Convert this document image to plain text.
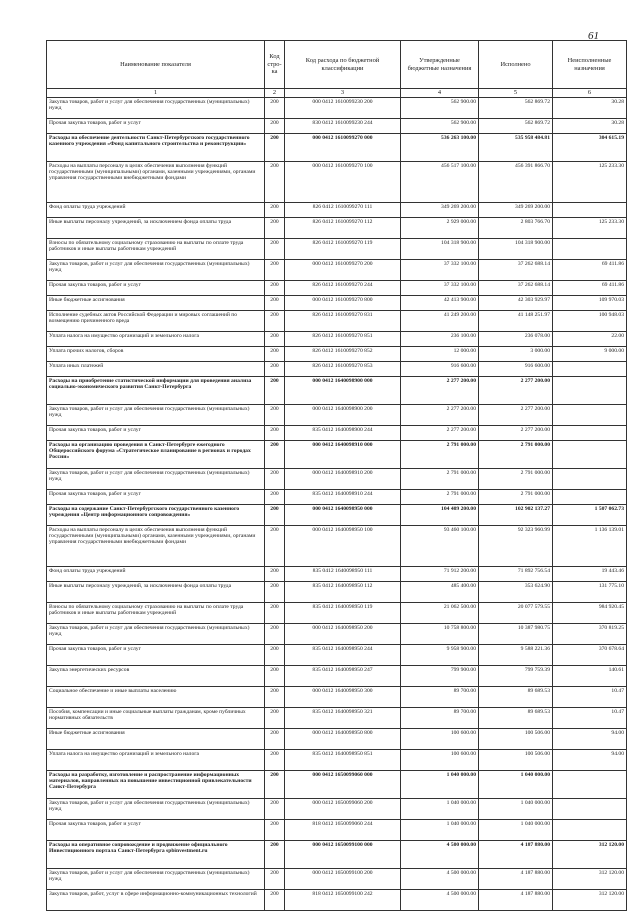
61
Наименование показателя	Код стро-ка	Код расхода по бюджетной классификации	Утвержденные бюджетные назначения	Исполнено	Неисполненные назначения
1	2	3	4	5	6
Закупка товаров, работ и услуг для обеспечения государственных (муниципальных) нужд	200	000 0412 1610099230 200	562 900.00	562 869.72	30.28
Прочая закупка товаров, работ и услуг	200	830 0412 1610099230 244	562 900.00	562 869.72	30.28
Расходы на обеспечение деятельности Санкт-Петербургского государственного казенного учреждения «Фонд капитального строительства и реконструкции»	200	000 0412 1610099270 000	536 263 100.00	535 958 484.81	304 615.19
Расходы на выплаты персоналу в целях обеспечения выполнения функций государственными (муниципальными) органами, казенными учреждениями, органами управления государственными внебюджетными фондами	200	000 0412 1610099270 100	456 517 100.00	456 391 866.70	125 233.30
Фонд оплаты труда учреждений	200	826 0412 1610099270 111	349 269 200.00	349 269 200.00	
Иные выплаты персоналу учреждений, за исключением фонда оплаты труда	200	826 0412 1610099270 112	2 929 000.00	2 803 766.70	125 233.30
Взносы по обязательному социальному страхованию на выплаты по оплате труда работников и иные выплаты работникам учреждений	200	826 0412 1610099270 119	104 318 900.00	104 318 900.00	
Закупка товаров, работ и услуг для обеспечения государственных (муниципальных) нужд	200	000 0412 1610099270 200	37 332 100.00	37 262 688.14	69 411.86
Прочая закупка товаров, работ и услуг	200	826 0412 1610099270 244	37 332 100.00	37 262 688.14	69 411.86
Иные бюджетные ассигнования	200	000 0412 1610099270 800	42 413 900.00	42 303 929.97	109 970.03
Исполнение судебных актов Российской Федерации и мировых соглашений по возмещению причиненного вреда	200	826 0412 1610099270 831	41 249 200.00	41 148 251.97	100 948.03
Уплата налога на имущество организаций и земельного налога	200	826 0412 1610099270 851	236 100.00	236 078.00	22.00
Уплата прочих налогов, сборов	200	826 0412 1610099270 852	12 000.00	3 000.00	9 000.00
Уплата иных платежей	200	826 0412 1610099270 853	916 600.00	916 600.00	
Расходы на приобретение статистической информации для проведения анализа социально-экономического развития Санкт-Петербурга	200	000 0412 1640098900 000	2 277 200.00	2 277 200.00	
Закупка товаров, работ и услуг для обеспечения государственных (муниципальных) нужд	200	000 0412 1640098900 200	2 277 200.00	2 277 200.00	
Прочая закупка товаров, работ и услуг	200	835 0412 1640098900 244	2 277 200.00	2 277 200.00	
Расходы на организацию проведения в Санкт-Петербурге ежегодного Общероссийского форума «Стратегическое планирование в регионах и городах России»	200	000 0412 1640098910 000	2 791 000.00	2 791 000.00	
Закупка товаров, работ и услуг для обеспечения государственных (муниципальных) нужд	200	000 0412 1640098910 200	2 791 000.00	2 791 000.00	
Прочая закупка товаров, работ и услуг	200	835 0412 1640098910 244	2 791 000.00	2 791 000.00	
Расходы на содержание Санкт-Петербургского государственного казенного учреждения «Центр информационного сопровождения»	200	000 0412 1640098950 000	104 409 200.00	102 902 137.27	1 507 062.73
Расходы на выплаты персоналу в целях обеспечения выполнения функций государственными (муниципальными) органами, казенными учреждениями, органами управления государственными внебюджетными фондами	200	000 0412 1640098950 100	93 460 100.00	92 323 960.99	1 136 139.01
Фонд оплаты труда учреждений	200	835 0412 1640098950 111	71 912 200.00	71 892 756.54	19 443.46
Иные выплаты персоналу учреждений, за исключением фонда оплаты труда	200	835 0412 1640098950 112	485 400.00	353 624.90	131 775.10
Взносы по обязательному социальному страхованию на выплаты по оплате труда работников и иные выплаты работникам учреждений	200	835 0412 1640098950 119	21 062 500.00	20 077 579.55	984 920.45
Закупка товаров, работ и услуг для обеспечения государственных (муниципальных) нужд	200	000 0412 1640098950 200	10 758 800.00	10 387 980.75	370 819.25
Прочая закупка товаров, работ и услуг	200	835 0412 1640098950 244	9 958 900.00	9 588 221.36	370 678.64
Закупка энергетических ресурсов	200	835 0412 1640098950 247	799 900.00	799 759.39	140.61
Социальное обеспечение и иные выплаты населению	200	000 0412 1640098950 300	89 700.00	89 689.53	10.47
Пособия, компенсации и иные социальные выплаты гражданам, кроме публичных нормативных обязательств	200	835 0412 1640098950 321	89 700.00	89 689.53	10.47
Иные бюджетные ассигнования	200	000 0412 1640098950 800	100 600.00	100 506.00	94.00
Уплата налога на имущество организаций и земельного налога	200	835 0412 1640098950 851	100 600.00	100 506.00	94.00
Расходы на разработку, изготовление и распространение информационных материалов, направленных на повышение инвестиционной привлекательности Санкт-Петербурга	200	000 0412 1650099060 000	1 040 000.00	1 040 000.00	
Закупка товаров, работ и услуг для обеспечения государственных (муниципальных) нужд	200	000 0412 1650099060 200	1 040 000.00	1 040 000.00	
Прочая закупка товаров, работ и услуг	200	818 0412 1650099060 244	1 040 000.00	1 040 000.00	
Расходы на оперативное сопровождение и продвижение официального Инвестиционного портала Санкт-Петербурга spbinvestment.ru	200	000 0412 1650099100 000	4 500 000.00	4 187 880.00	312 120.00
Закупка товаров, работ и услуг для обеспечения государственных (муниципальных) нужд	200	000 0412 1650099100 200	4 500 000.00	4 187 880.00	312 120.00
Закупка товаров, работ, услуг в сфере информационно-коммуникационных технологий	200	818 0412 1650099100 242	4 500 000.00	4 187 880.00	312 120.00
